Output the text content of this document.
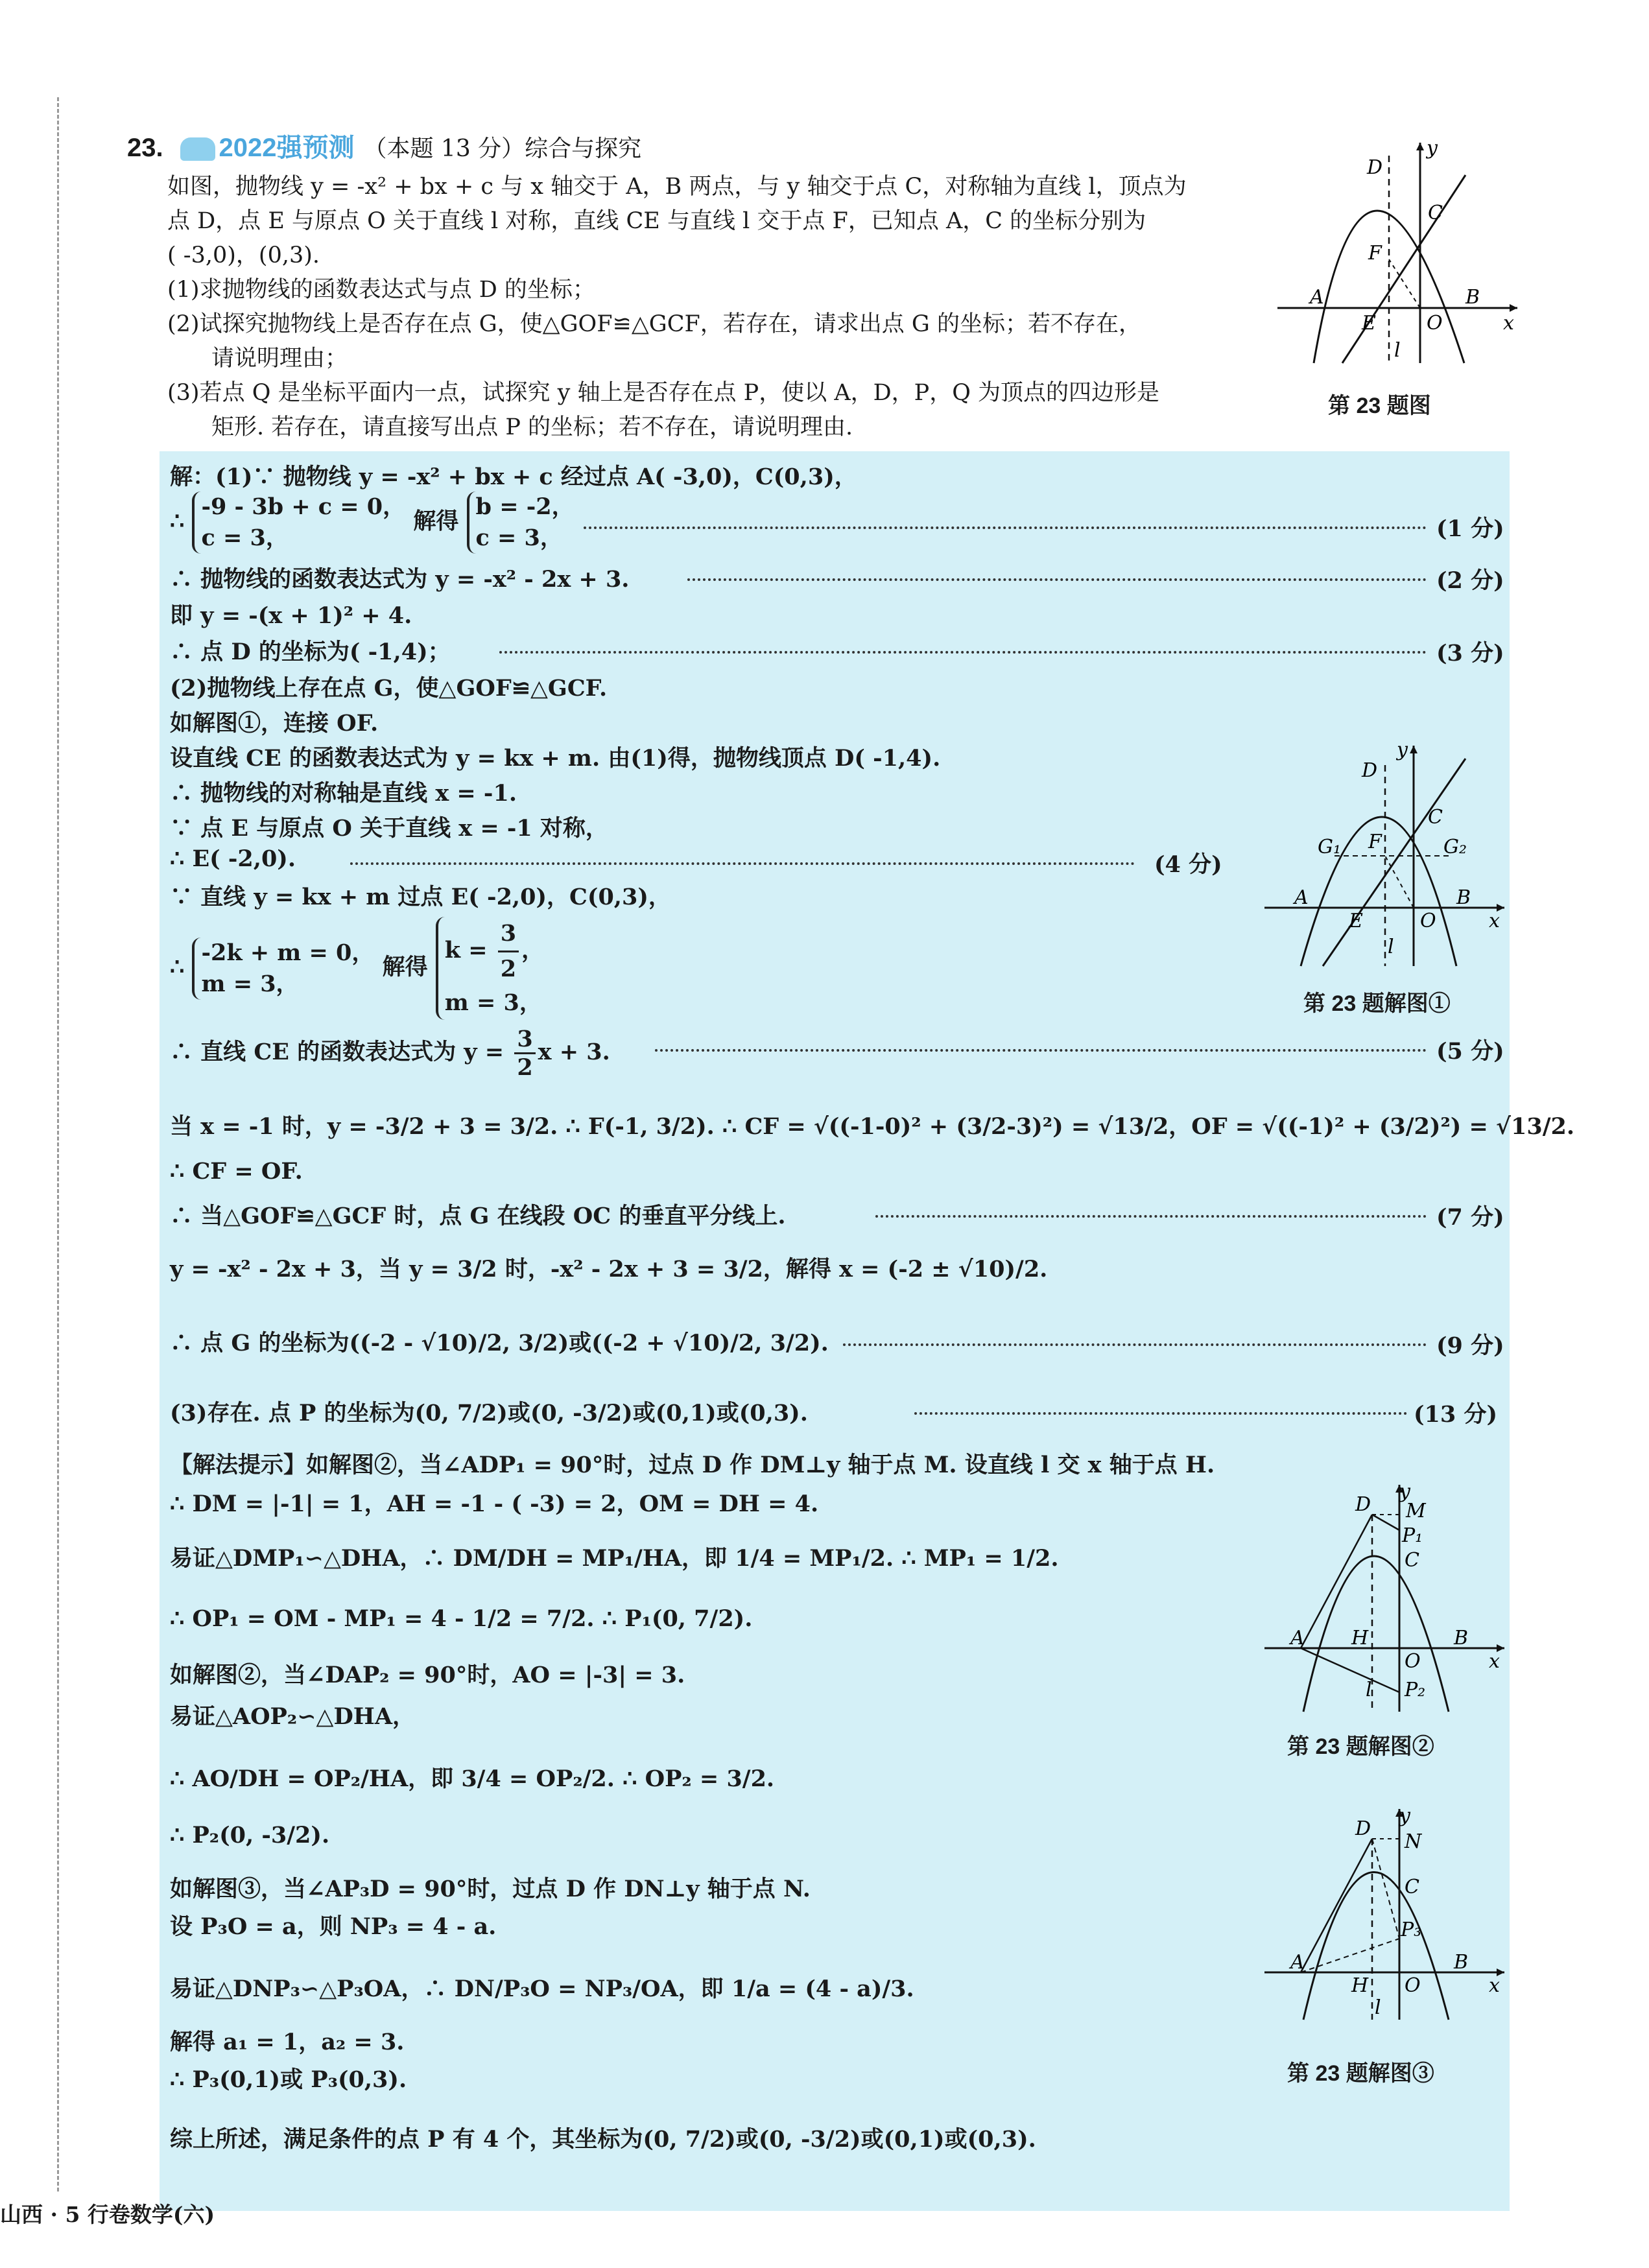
23. 2022强预测 （本题 13 分）综合与探究

如图，抛物线 y = -x² + bx + c 与 x 轴交于 A，B 两点，与 y 轴交于点 C，对称轴为直线 l，顶点为

点 D，点 E 与原点 O 关于直线 l 对称，直线 CE 与直线 l 交于点 F，已知点 A，C 的坐标分别为

( -3,0)，(0,3).

(1)求抛物线的函数表达式与点 D 的坐标；

(2)试探究抛物线上是否存在点 G，使△GOF≌△GCF，若存在，请求出点 G 的坐标；若不存在，

请说明理由；

(3)若点 Q 是坐标平面内一点，试探究 y 轴上是否存在点 P，使以 A，D，P，Q 为顶点的四边形是

矩形. 若存在，请直接写出点 P 的坐标；若不存在，请说明理由.

D
y
C
F
A	B
E	O	x
l
第 23 题图
解：(1)∵ 抛物线 y = -x² + bx + c 经过点 A( -3,0)，C(0,3)，
∴
-9 - 3b + c = 0，
c = 3，
解得
b = -2，
c = 3，	(1 分)
∴ 抛物线的函数表达式为 y = -x² - 2x + 3.	(2 分)
即 y = -(x + 1)² + 4.
∴ 点 D 的坐标为( -1,4)；	(3 分)
(2)抛物线上存在点 G，使△GOF≌△GCF.
如解图①，连接 OF.
设直线 CE 的函数表达式为 y = kx + m. 由(1)得，抛物线顶点 D( -1,4).
∴ 抛物线的对称轴是直线 x = -1.
∵ 点 E 与原点 O 关于直线 x = -1 对称，
∴ E( -2,0).	(4 分)
∵ 直线 y = kx + m 过点 E( -2,0)，C(0,3)，
∴
-2k + m = 0，
m = 3，
解得
$k = \frac{3}{2}$ ，
m = 3，
∴ 直线 CE 的函数表达式为 $y = \frac{3}{2}$ x + 3.	(5 分)
当 x = -1 时，y = -3/2 + 3 = 3/2. ∴ F(-1, 3/2). ∴ CF = √((-1-0)² + (3/2-3)²) = √13/2，OF = √((-1)² + (3/2)²) = √13/2.
∴ CF = OF.
∴ 当△GOF≌△GCF 时，点 G 在线段 OC 的垂直平分线上.	(7 分)
y = -x² - 2x + 3，当 y = 3/2 时，-x² - 2x + 3 = 3/2，解得 x = (-2 ± √10)/2.
∴ 点 G 的坐标为((-2 - √10)/2, 3/2)或((-2 + √10)/2, 3/2).	(9 分)
(3)存在. 点 P 的坐标为(0, 7/2)或(0, -3/2)或(0,1)或(0,3).	(13 分)
【解法提示】如解图②，当∠ADP₁ = 90°时，过点 D 作 DM⊥y 轴于点 M. 设直线 l 交 x 轴于点 H.
∴ DM = |-1| = 1，AH = -1 - ( -3) = 2，OM = DH = 4.
易证△DMP₁∽△DHA，∴ DM/DH = MP₁/HA，即 1/4 = MP₁/2. ∴ MP₁ = 1/2.
∴ OP₁ = OM - MP₁ = 4 - 1/2 = 7/2. ∴ P₁(0, 7/2).
如解图②，当∠DAP₂ = 90°时，AO = |-3| = 3.
易证△AOP₂∽△DHA，
∴ AO/DH = OP₂/HA，即 3/4 = OP₂/2. ∴ OP₂ = 3/2.
∴ P₂(0, -3/2).
如解图③，当∠AP₃D = 90°时，过点 D 作 DN⊥y 轴于点 N.
设 P₃O = a，则 NP₃ = 4 - a.
易证△DNP₃∽△P₃OA，∴ DN/P₃O = NP₃/OA，即 1/a = (4 - a)/3.
解得 a₁ = 1，a₂ = 3.
∴ P₃(0,1)或 P₃(0,3).
综上所述，满足条件的点 P 有 4 个，其坐标为(0, 7/2)或(0, -3/2)或(0,1)或(0,3).
D
y
C
G₁ F	G₂
A	B
E	O	x
l
第 23 题解图①
D
y
M
P₁
C
A H	B
O	x
l P₂
第 23 题解图②
D
y
N
C
P₃
A	B
H O	x
l
第 23 题解图③
山西 · 5 行卷数学(六)
